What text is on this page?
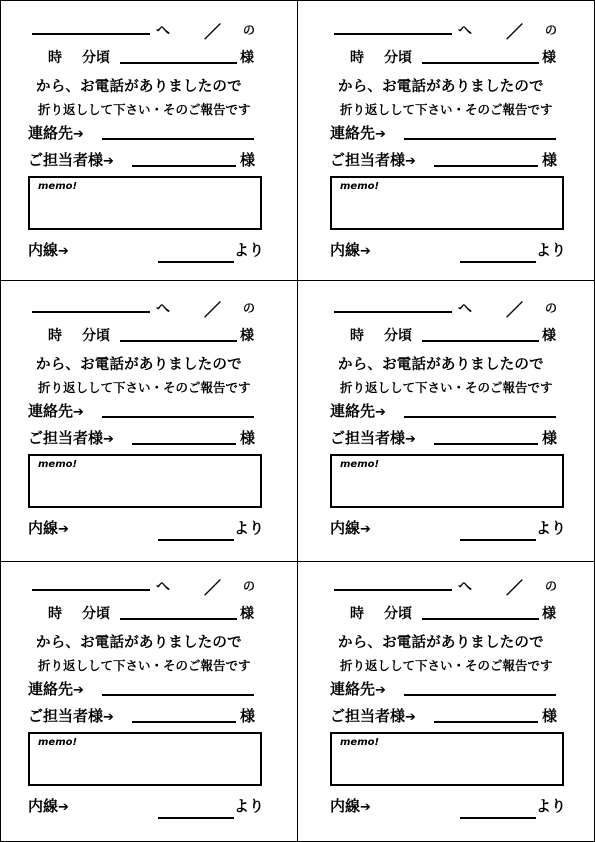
へ ／ の
時 分頃	様
から、お電話がありましたので
折り返しして下さい・そのご報告です
連絡先➔
ご担当者様➔	様
memo!
内線➔	より
へ ／ の
時 分頃	様
から、お電話がありましたので
折り返しして下さい・そのご報告です
連絡先➔
ご担当者様➔	様
memo!
内線➔	より
へ ／ の
時 分頃	様
から、お電話がありましたので
折り返しして下さい・そのご報告です
連絡先➔
ご担当者様➔	様
memo!
内線➔	より
へ ／ の
時 分頃	様
から、お電話がありましたので
折り返しして下さい・そのご報告です
連絡先➔
ご担当者様➔	様
memo!
内線➔	より
へ ／ の
時 分頃	様
から、お電話がありましたので
折り返しして下さい・そのご報告です
連絡先➔
ご担当者様➔	様
memo!
内線➔	より
へ ／ の
時 分頃	様
から、お電話がありましたので
折り返しして下さい・そのご報告です
連絡先➔
ご担当者様➔	様
memo!
内線➔	より
